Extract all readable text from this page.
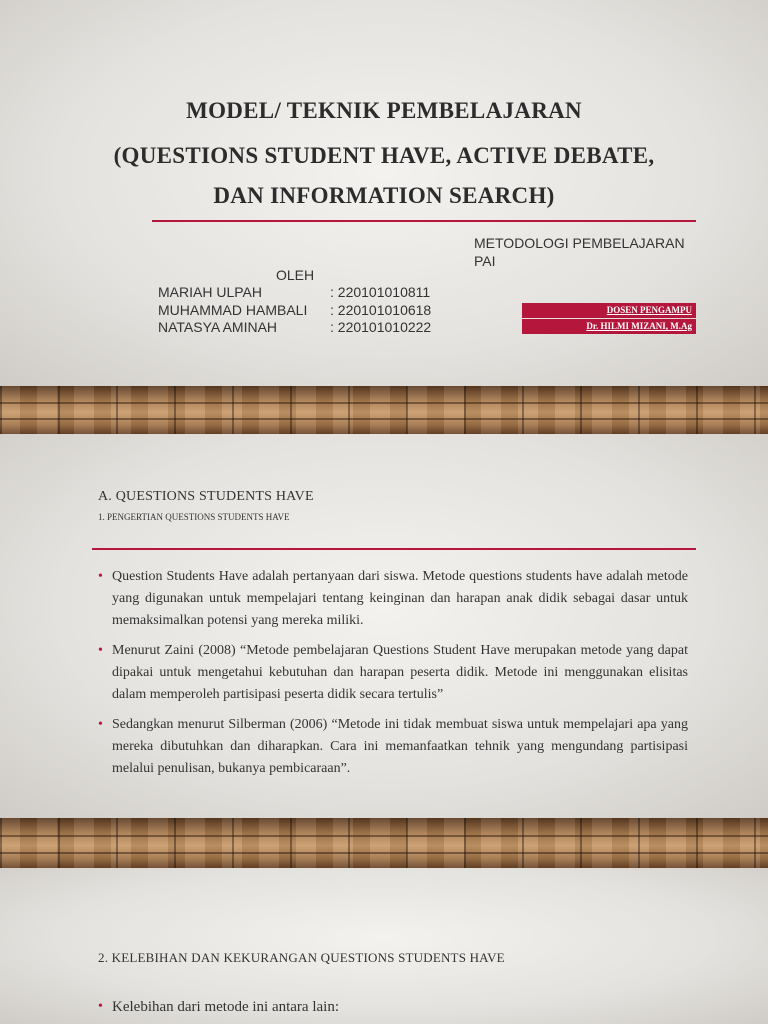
MODEL/ TEKNIK PEMBELAJARAN
(QUESTIONS STUDENT HAVE, ACTIVE DEBATE,
DAN INFORMATION SEARCH)
METODOLOGI PEMBELAJARAN
PAI
OLEH
MARIAH ULPAH	: 220101010811
MUHAMMAD HAMBALI : 220101010618
NATASYA AMINAH	: 220101010222
DOSEN PENGAMPU
Dr. HILMI MIZANI, M.Ag
A. QUESTIONS STUDENTS HAVE
1. PENGERTIAN QUESTIONS STUDENTS HAVE
• Question Students Have adalah pertanyaan dari siswa. Metode questions students have adalah metode yang digunakan untuk mempelajari tentang keinginan dan harapan anak didik sebagai dasar untuk memaksimalkan potensi yang mereka miliki.
• Menurut Zaini (2008) “Metode pembelajaran Questions Student Have merupakan metode yang dapat dipakai untuk mengetahui kebutuhan dan harapan peserta didik. Metode ini menggunakan elisitas dalam memperoleh partisipasi peserta didik secara tertulis”
• Sedangkan menurut Silberman (2006) “Metode ini tidak membuat siswa untuk mempelajari apa yang mereka dibutuhkan dan diharapkan. Cara ini memanfaatkan tehnik yang mengundang partisipasi melalui penulisan, bukanya pembicaraan”.
2. KELEBIHAN DAN KEKURANGAN QUESTIONS STUDENTS HAVE
• Kelebihan dari metode ini antara lain:
